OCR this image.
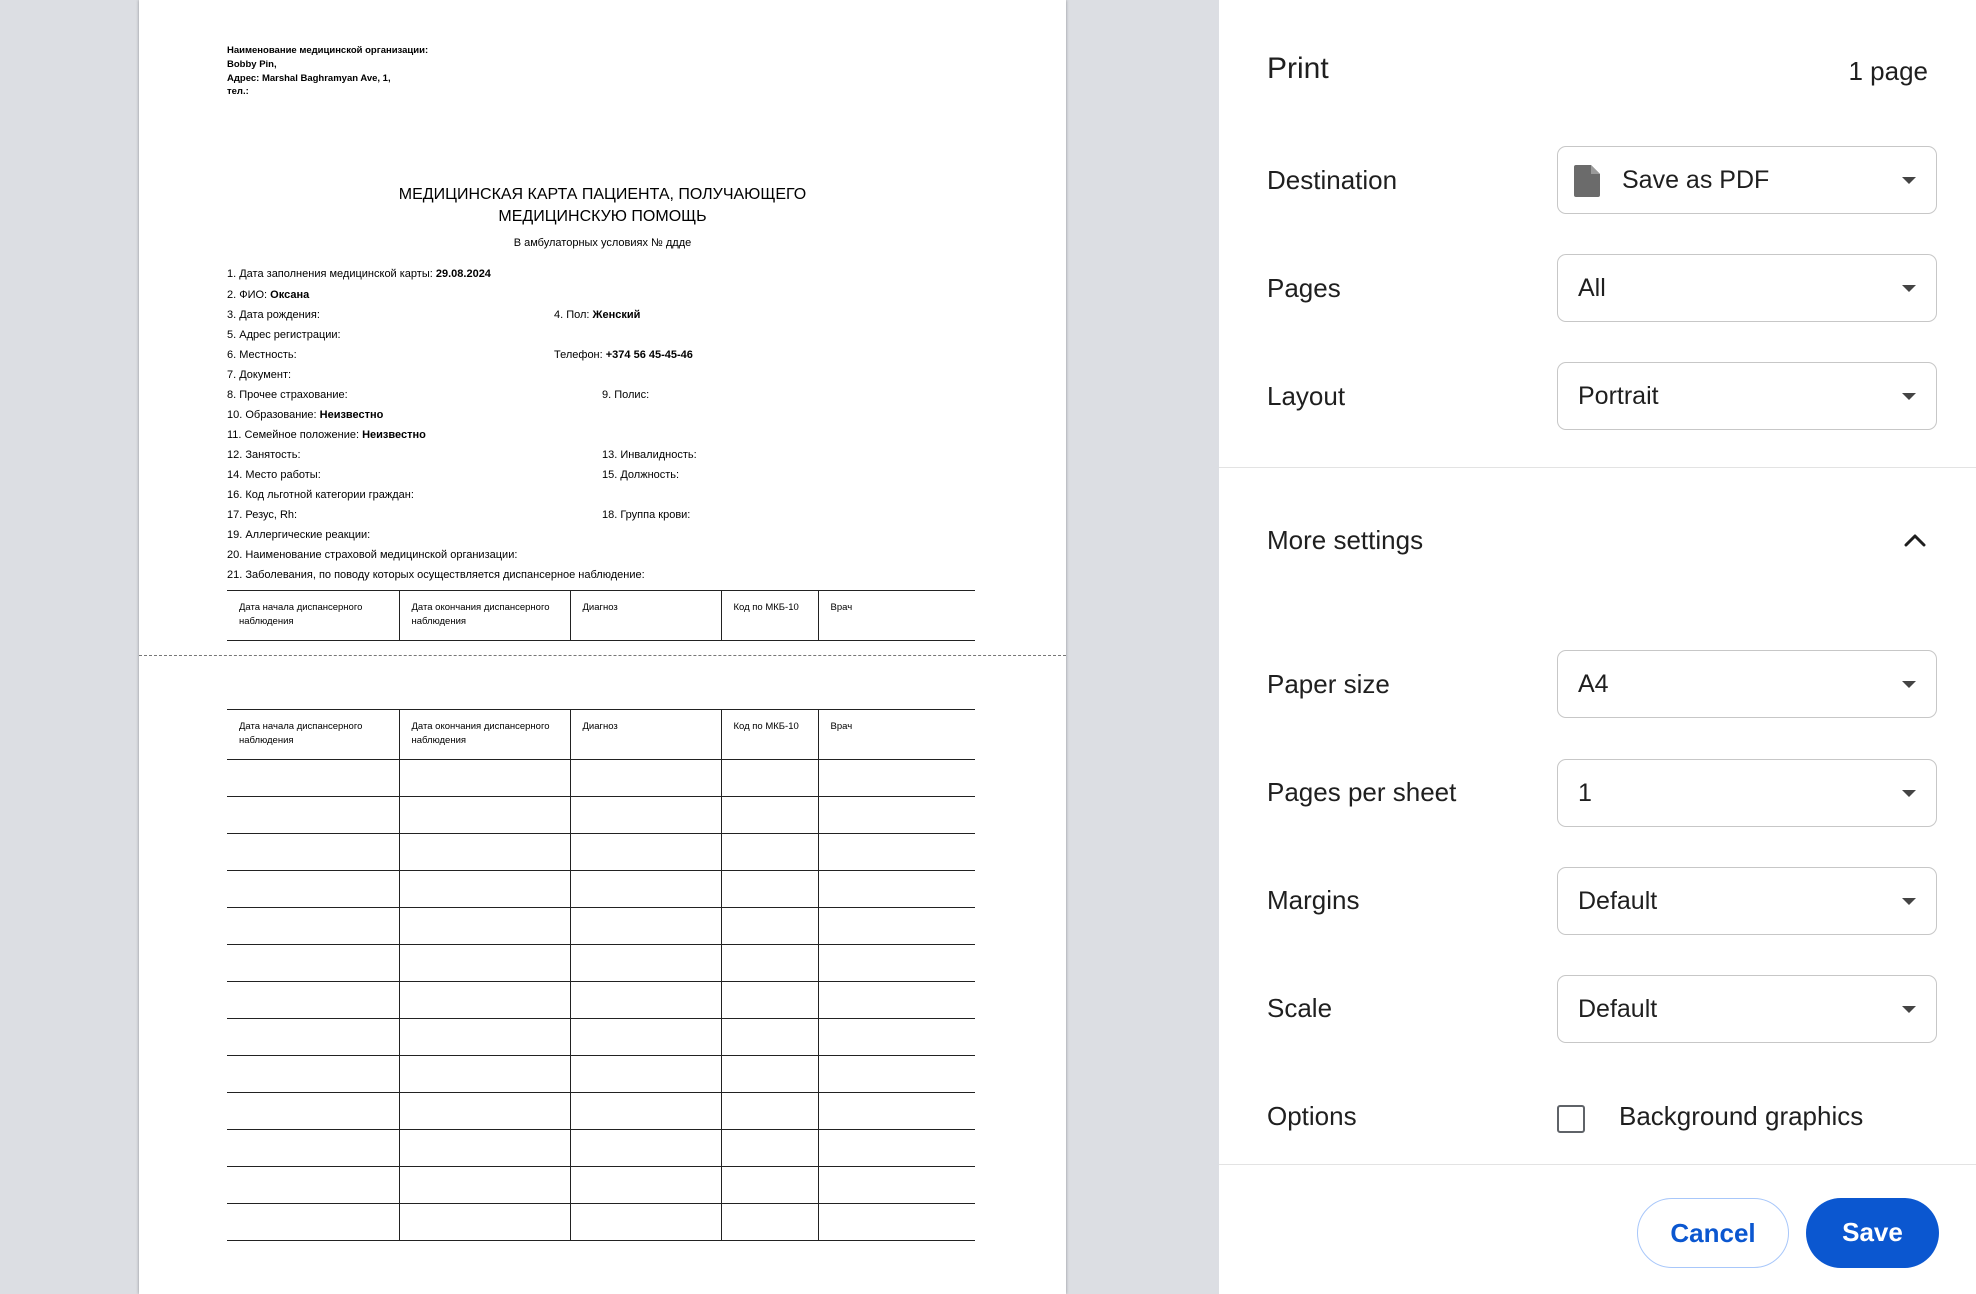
Наименование медицинской организации:
Bobby Pin,
Адрес: Marshal Baghramyan Ave, 1,
тел.:
МЕДИЦИНСКАЯ КАРТА ПАЦИЕНТА, ПОЛУЧАЮЩЕГО
МЕДИЦИНСКУЮ ПОМОЩЬ
В амбулаторных условиях № ддде
1. Дата заполнения медицинской карты: 29.08.2024
2. ФИО: Оксана
3. Дата рождения:	4. Пол: Женский
5. Адрес регистрации:
6. Местность:	Телефон: +374 56 45-45-46
7. Документ:
8. Прочее страхование:	9. Полис:
10. Образование: Неизвестно
11. Семейное положение: Неизвестно
12. Занятость:	13. Инвалидность:
14. Место работы:	15. Должность:
16. Код льготной категории граждан:
17. Резус, Rh:	18. Группа крови:
19. Аллергические реакции:
20. Наименование страховой медицинской организации:
21. Заболевания, по поводу которых осуществляется диспансерное наблюдение:
Дата начала диспансерного наблюдения	Дата окончания диспансерного наблюдения	Диагноз	Код по МКБ-10	Врач
Дата начала диспансерного наблюдения	Дата окончания диспансерного наблюдения	Диагноз	Код по МКБ-10	Врач

Print	1 page
Destination	Save as PDF
Pages	All
Layout	Portrait
More settings
Paper size	A4
Pages per sheet	1
Margins	Default
Scale	Default
Options	Background graphics
Cancel	Save
